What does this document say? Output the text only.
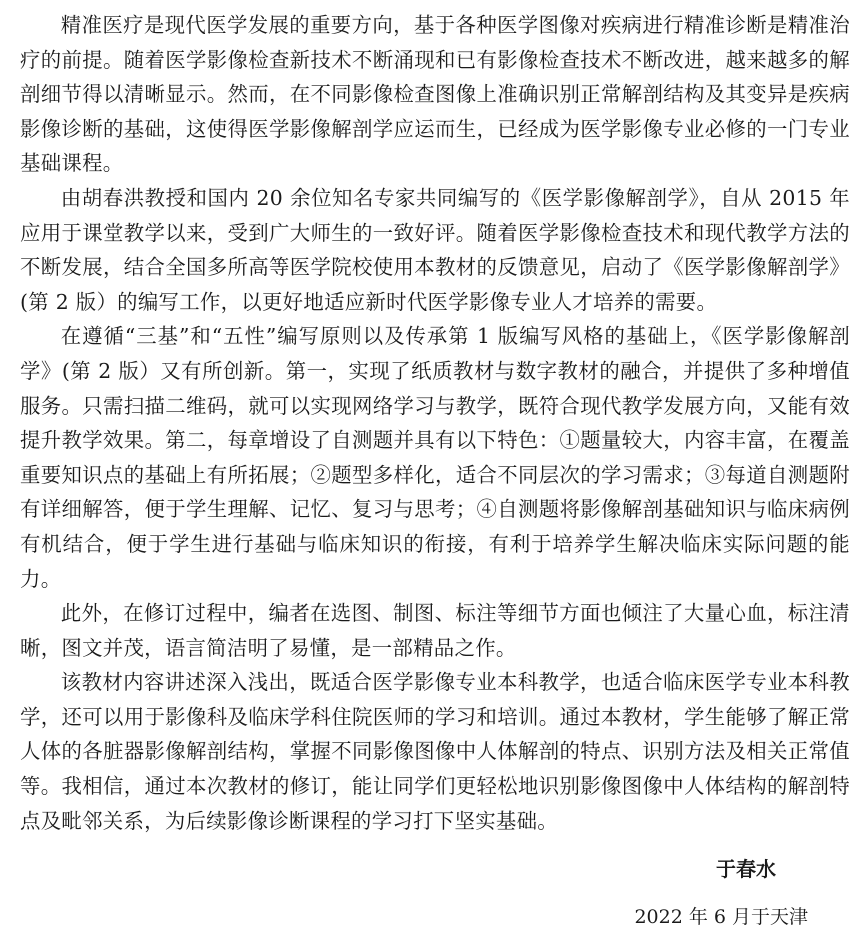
精准医疗是现代医学发展的重要方向，基于各种医学图像对疾病进行精准诊断是精准治疗的前提。随着医学影像检查新技术不断涌现和已有影像检查技术不断改进，越来越多的解剖细节得以清晰显示。然而，在不同影像检查图像上准确识别正常解剖结构及其变异是疾病影像诊断的基础，这使得医学影像解剖学应运而生，已经成为医学影像专业必修的一门专业基础课程。

由胡春洪教授和国内 20 余位知名专家共同编写的《医学影像解剖学》，自从 2015 年应用于课堂教学以来，受到广大师生的一致好评。随着医学影像检查技术和现代教学方法的不断发展，结合全国多所高等医学院校使用本教材的反馈意见，启动了《医学影像解剖学》(第 2 版）的编写工作，以更好地适应新时代医学影像专业人才培养的需要。

在遵循“三基”和“五性”编写原则以及传承第 1 版编写风格的基础上，《医学影像解剖学》(第 2 版）又有所创新。第一，实现了纸质教材与数字教材的融合，并提供了多种增值服务。只需扫描二维码，就可以实现网络学习与教学，既符合现代教学发展方向，又能有效提升教学效果。第二，每章增设了自测题并具有以下特色：①题量较大，内容丰富，在覆盖重要知识点的基础上有所拓展；②题型多样化，适合不同层次的学习需求；③每道自测题附有详细解答，便于学生理解、记忆、复习与思考；④自测题将影像解剖基础知识与临床病例有机结合，便于学生进行基础与临床知识的衔接，有利于培养学生解决临床实际问题的能力。

此外，在修订过程中，编者在选图、制图、标注等细节方面也倾注了大量心血，标注清晰，图文并茂，语言简洁明了易懂，是一部精品之作。

该教材内容讲述深入浅出，既适合医学影像专业本科教学，也适合临床医学专业本科教学，还可以用于影像科及临床学科住院医师的学习和培训。通过本教材，学生能够了解正常人体的各脏器影像解剖结构，掌握不同影像图像中人体解剖的特点、识别方法及相关正常值等。我相信，通过本次教材的修订，能让同学们更轻松地识别影像图像中人体结构的解剖特点及毗邻关系，为后续影像诊断课程的学习打下坚实基础。

于春水
2022 年 6 月于天津
